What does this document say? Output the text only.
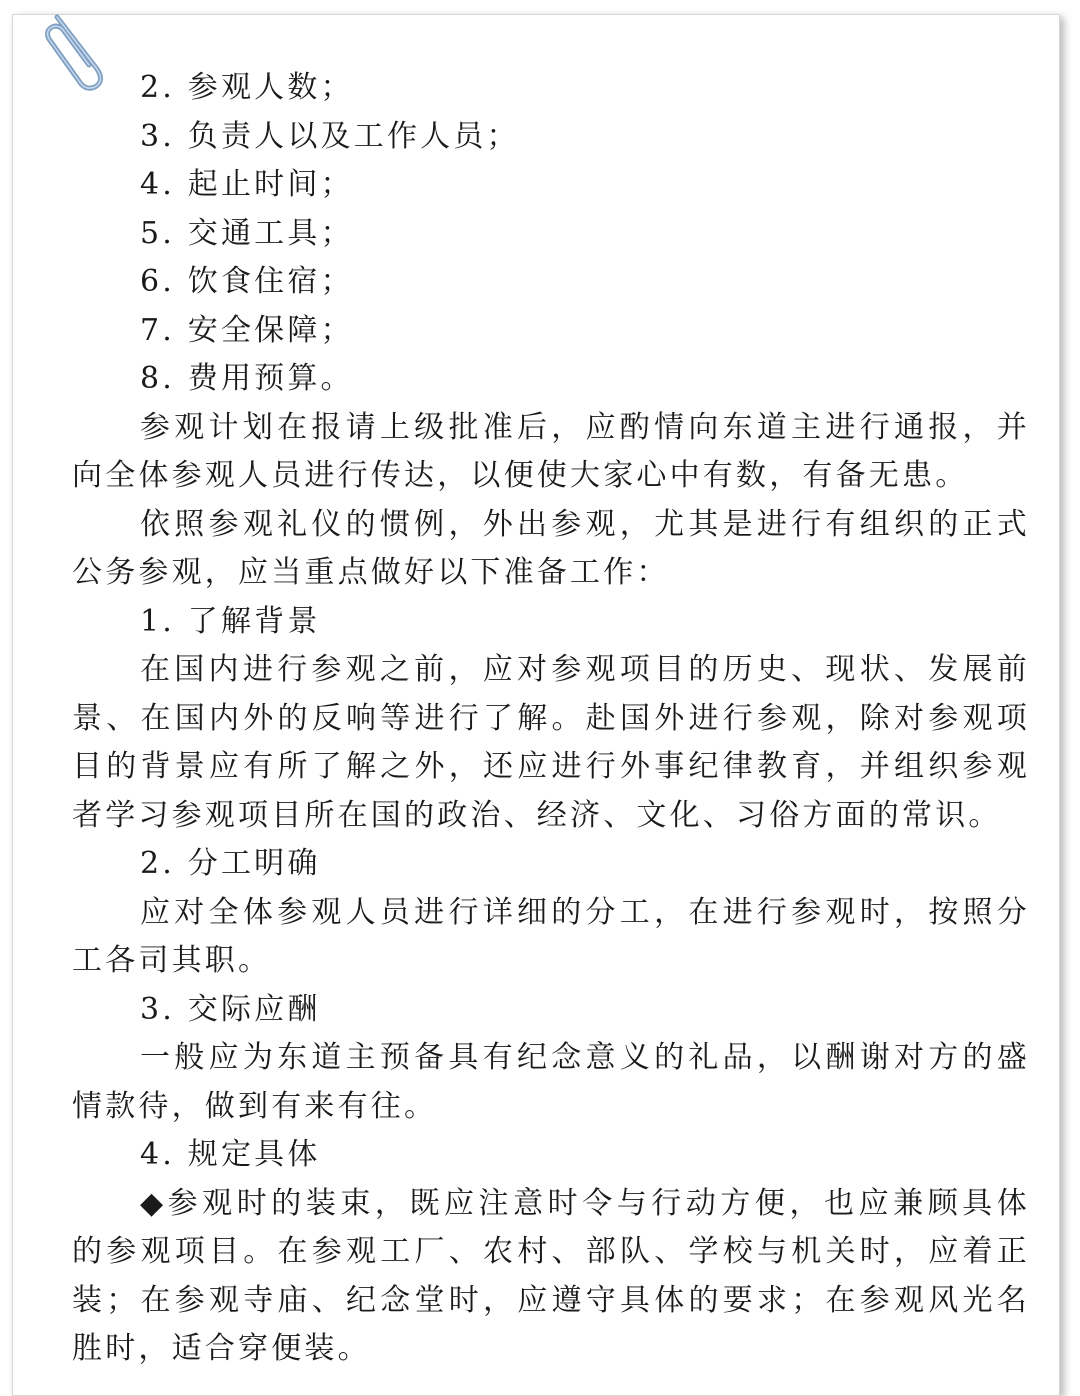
2. 参观人数；
3. 负责人以及工作人员；
4. 起止时间；
5. 交通工具；
6. 饮食住宿；
7. 安全保障；
8. 费用预算。
参观计划在报请上级批准后，应酌情向东道主进行通报，并
向全体参观人员进行传达，以便使大家心中有数，有备无患。
依照参观礼仪的惯例，外出参观，尤其是进行有组织的正式
公务参观，应当重点做好以下准备工作：
1. 了解背景
在国内进行参观之前，应对参观项目的历史、现状、发展前
景、在国内外的反响等进行了解。赴国外进行参观，除对参观项
目的背景应有所了解之外，还应进行外事纪律教育，并组织参观
者学习参观项目所在国的政治、经济、文化、习俗方面的常识。
2. 分工明确
应对全体参观人员进行详细的分工，在进行参观时，按照分
工各司其职。
3. 交际应酬
一般应为东道主预备具有纪念意义的礼品，以酬谢对方的盛
情款待，做到有来有往。
4. 规定具体
◆参观时的装束，既应注意时令与行动方便，也应兼顾具体
的参观项目。在参观工厂、农村、部队、学校与机关时，应着正
装；在参观寺庙、纪念堂时，应遵守具体的要求；在参观风光名
胜时，适合穿便装。
